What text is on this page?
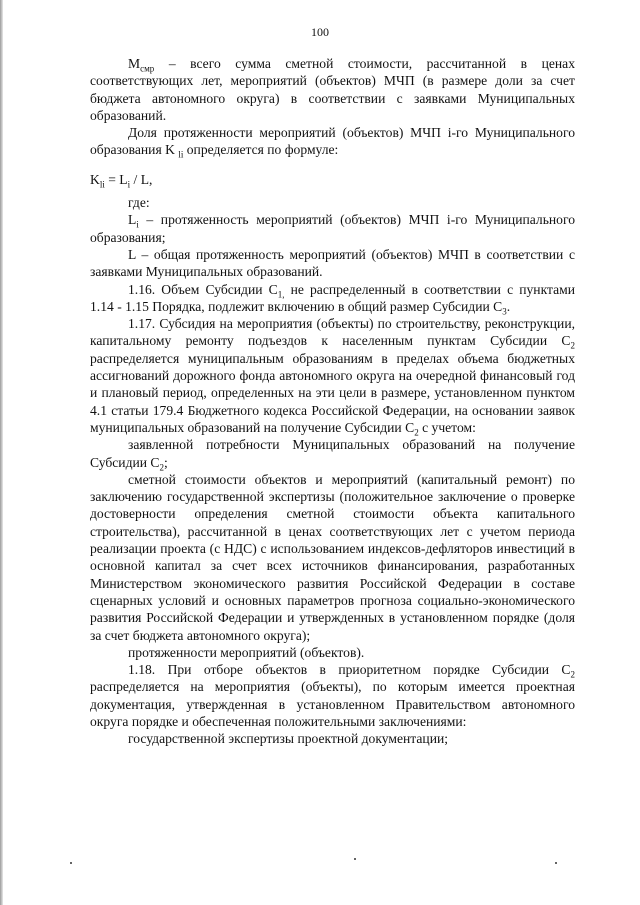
100

$M_{смр}$ – всего сумма сметной стоимости, рассчитанной в ценах соответствующих лет, мероприятий (объектов) МЧП (в размере доли за счет бюджета автономного округа) в соответствии с заявками Муниципальных образований.

Доля протяженности мероприятий (объектов) МЧП i-го Муниципального образования K $_{li}$ определяется по формуле:

$K_{li} = L_i / L$,

где:

$L_i$ – протяженность мероприятий (объектов) МЧП i-го Муниципального образования;

L – общая протяженность мероприятий (объектов) МЧП в соответствии с заявками Муниципальных образований.

1.16. Объем Субсидии $С_{1,}$ не распределенный в соответствии с пунктами 1.14 - 1.15 Порядка, подлежит включению в общий размер Субсидии $С_3$.

1.17. Субсидия на мероприятия (объекты) по строительству, реконструкции, капитальному ремонту подъездов к населенным пунктам Субсидии $С_2$ распределяется муниципальным образованиям в пределах объема бюджетных ассигнований дорожного фонда автономного округа на очередной финансовый год и плановый период, определенных на эти цели в размере, установленном пунктом 4.1 статьи 179.4 Бюджетного кодекса Российской Федерации, на основании заявок муниципальных образований на получение Субсидии $С_2$ с учетом:

заявленной потребности Муниципальных образований на получение Субсидии $С_2$;

сметной стоимости объектов и мероприятий (капитальный ремонт) по заключению государственной экспертизы (положительное заключение о проверке достоверности определения сметной стоимости объекта капитального строительства), рассчитанной в ценах соответствующих лет с учетом периода реализации проекта (с НДС) с использованием индексов-дефляторов инвестиций в основной капитал за счет всех источников финансирования, разработанных Министерством экономического развития Российской Федерации в составе сценарных условий и основных параметров прогноза социально-экономического развития Российской Федерации и утвержденных в установленном порядке (доля за счет бюджета автономного округа);

протяженности мероприятий (объектов).

1.18. При отборе объектов в приоритетном порядке Субсидии $С_2$ распределяется на мероприятия (объекты), по которым имеется проектная документация, утвержденная в установленном Правительством автономного округа порядке и обеспеченная положительными заключениями:

государственной экспертизы проектной документации;
